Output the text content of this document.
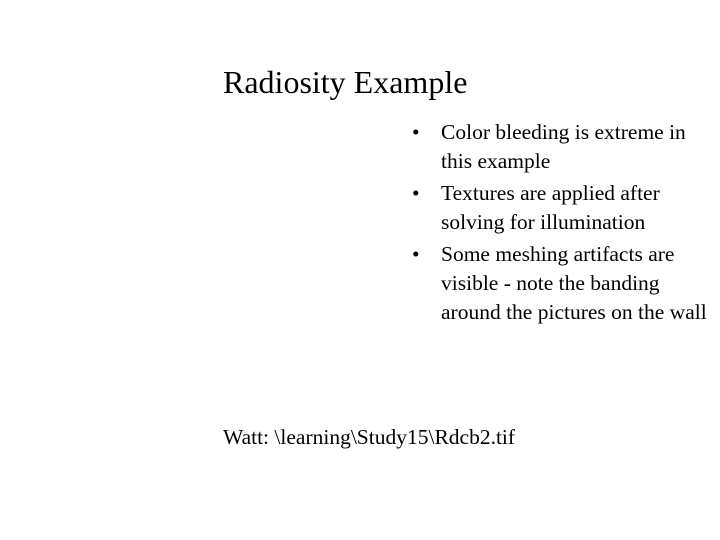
Radiosity Example
• Color bleeding is extreme in this example
• Textures are applied after solving for illumination
• Some meshing artifacts are visible - note the banding around the pictures on the wall

Watt: \learning\Study15\Rdcb2.tif
